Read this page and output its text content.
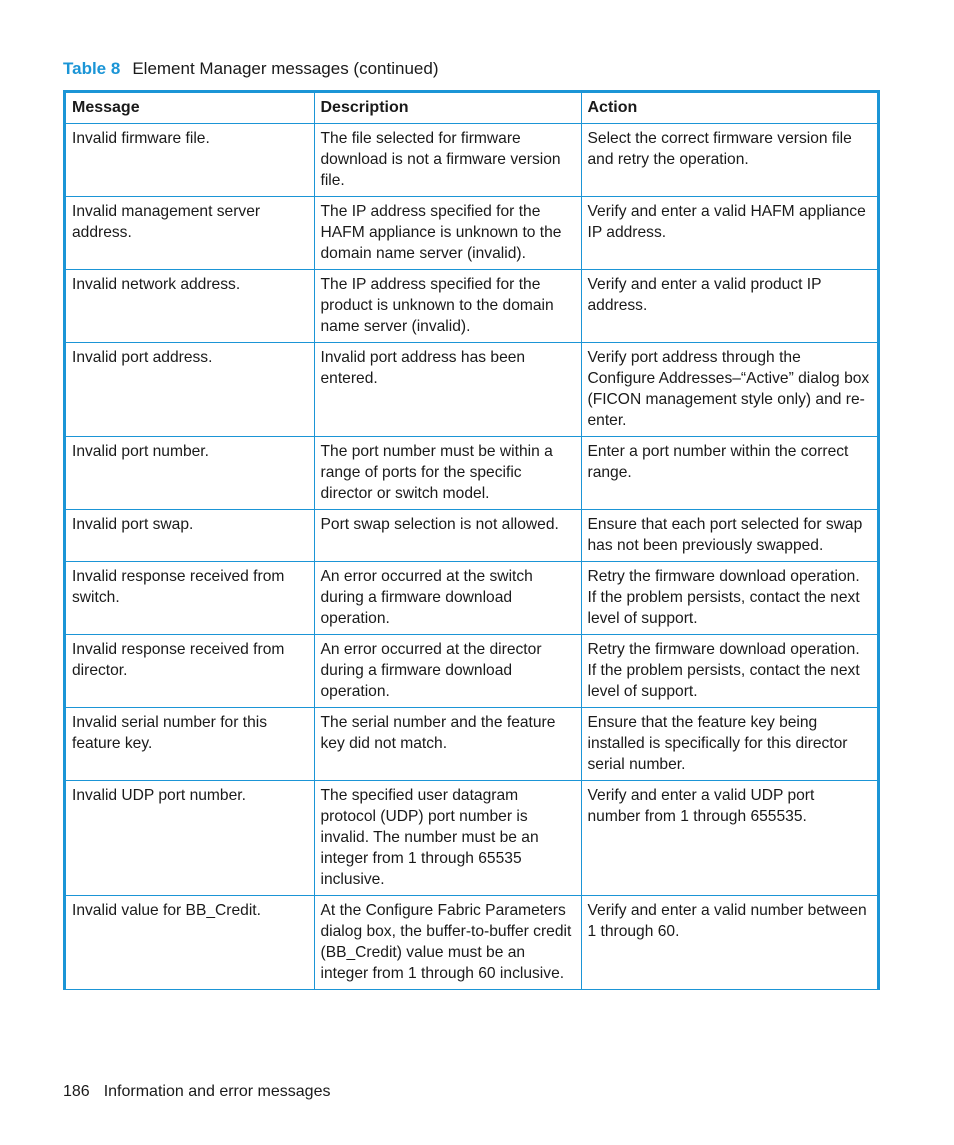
Table 8 Element Manager messages (continued)
Message	Description	Action
Invalid firmware file.	The file selected for firmware download is not a firmware version file.	Select the correct firmware version file and retry the operation.
Invalid management server address.	The IP address specified for the HAFM appliance is unknown to the domain name server (invalid).	Verify and enter a valid HAFM appliance IP address.
Invalid network address.	The IP address specified for the product is unknown to the domain name server (invalid).	Verify and enter a valid product IP address.
Invalid port address.	Invalid port address has been entered.	Verify port address through the Configure Addresses–“Active” dialog box (FICON management style only) and re-enter.
Invalid port number.	The port number must be within a range of ports for the specific director or switch model.	Enter a port number within the correct range.
Invalid port swap.	Port swap selection is not allowed.	Ensure that each port selected for swap has not been previously swapped.
Invalid response received from switch.	An error occurred at the switch during a firmware download operation.	Retry the firmware download operation. If the problem persists, contact the next level of support.
Invalid response received from director.	An error occurred at the director during a firmware download operation.	Retry the firmware download operation. If the problem persists, contact the next level of support.
Invalid serial number for this feature key.	The serial number and the feature key did not match.	Ensure that the feature key being installed is specifically for this director serial number.
Invalid UDP port number.	The specified user datagram protocol (UDP) port number is invalid. The number must be an integer from 1 through 65535 inclusive.	Verify and enter a valid UDP port number from 1 through 655535.
Invalid value for BB_Credit.	At the Configure Fabric Parameters dialog box, the buffer-to-buffer credit (BB_Credit) value must be an integer from 1 through 60 inclusive.	Verify and enter a valid number between 1 through 60.
186 Information and error messages
